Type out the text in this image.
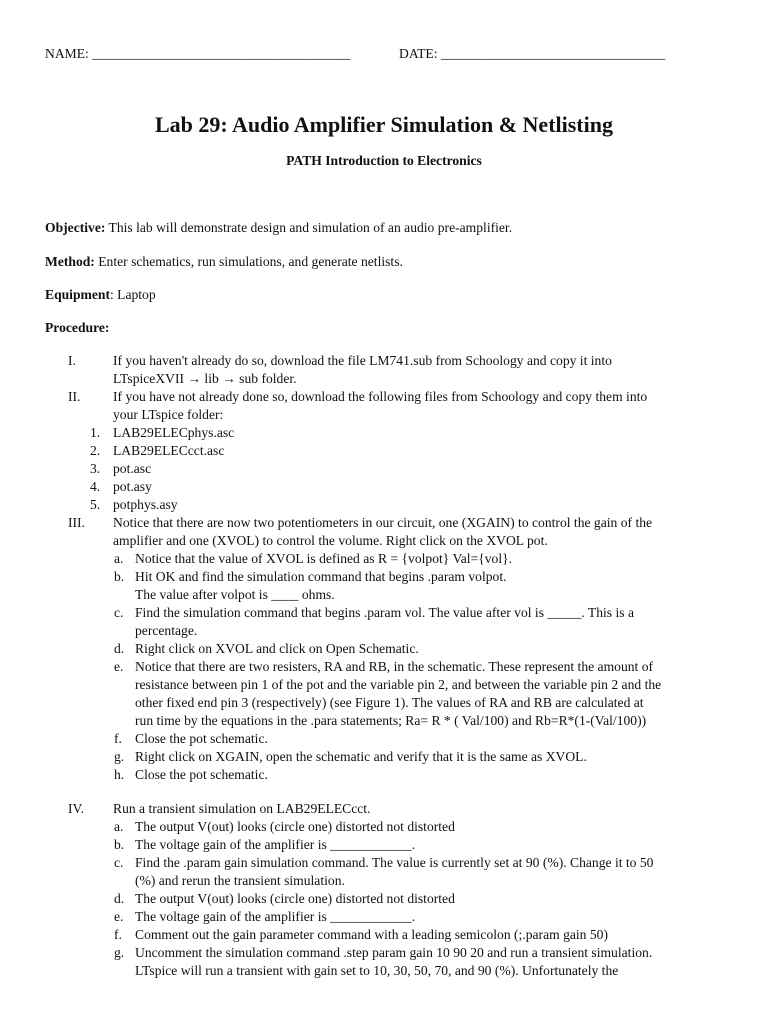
NAME: ______________________________________	DATE: _________________________________
Lab 29: Audio Amplifier Simulation & Netlisting
PATH Introduction to Electronics
Objective: This lab will demonstrate design and simulation of an audio pre-amplifier.
Method: Enter schematics, run simulations, and generate netlists.
Equipment: Laptop
Procedure:
I.	If you haven't already do so, download the file LM741.sub from Schoology and copy it into
LTspiceXVII → lib → sub folder.
II. If you have not already done so, download the following files from Schoology and copy them into
your LTspice folder:
1. LAB29ELECphys.asc
2. LAB29ELECcct.asc
3. pot.asc
4. pot.asy
5. potphys.asy
III. Notice that there are now two potentiometers in our circuit, one (XGAIN) to control the gain of the
amplifier and one (XVOL) to control the volume. Right click on the XVOL pot.
a. Notice that the value of XVOL is defined as R = {volpot} Val={vol}.
b. Hit OK and find the simulation command that begins .param volpot.
The value after volpot is ____ ohms.
c. Find the simulation command that begins .param vol. The value after vol is _____. This is a
percentage.
d. Right click on XVOL and click on Open Schematic.
e. Notice that there are two resisters, RA and RB, in the schematic. These represent the amount of
resistance between pin 1 of the pot and the variable pin 2, and between the variable pin 2 and the
other fixed end pin 3 (respectively) (see Figure 1). The values of RA and RB are calculated at
run time by the equations in the .para statements; Ra= R * ( Val/100) and Rb=R*(1-(Val/100))
f. Close the pot schematic.
g. Right click on XGAIN, open the schematic and verify that it is the same as XVOL.
h. Close the pot schematic.
IV. Run a transient simulation on LAB29ELECcct.
a. The output V(out) looks (circle one) distorted not distorted
b. The voltage gain of the amplifier is ____________.
c. Find the .param gain simulation command. The value is currently set at 90 (%). Change it to 50
(%) and rerun the transient simulation.
d. The output V(out) looks (circle one) distorted not distorted
e. The voltage gain of the amplifier is ____________.
f. Comment out the gain parameter command with a leading semicolon (;.param gain 50)
g. Uncomment the simulation command .step param gain 10 90 20 and run a transient simulation.
LTspice will run a transient with gain set to 10, 30, 50, 70, and 90 (%). Unfortunately the
